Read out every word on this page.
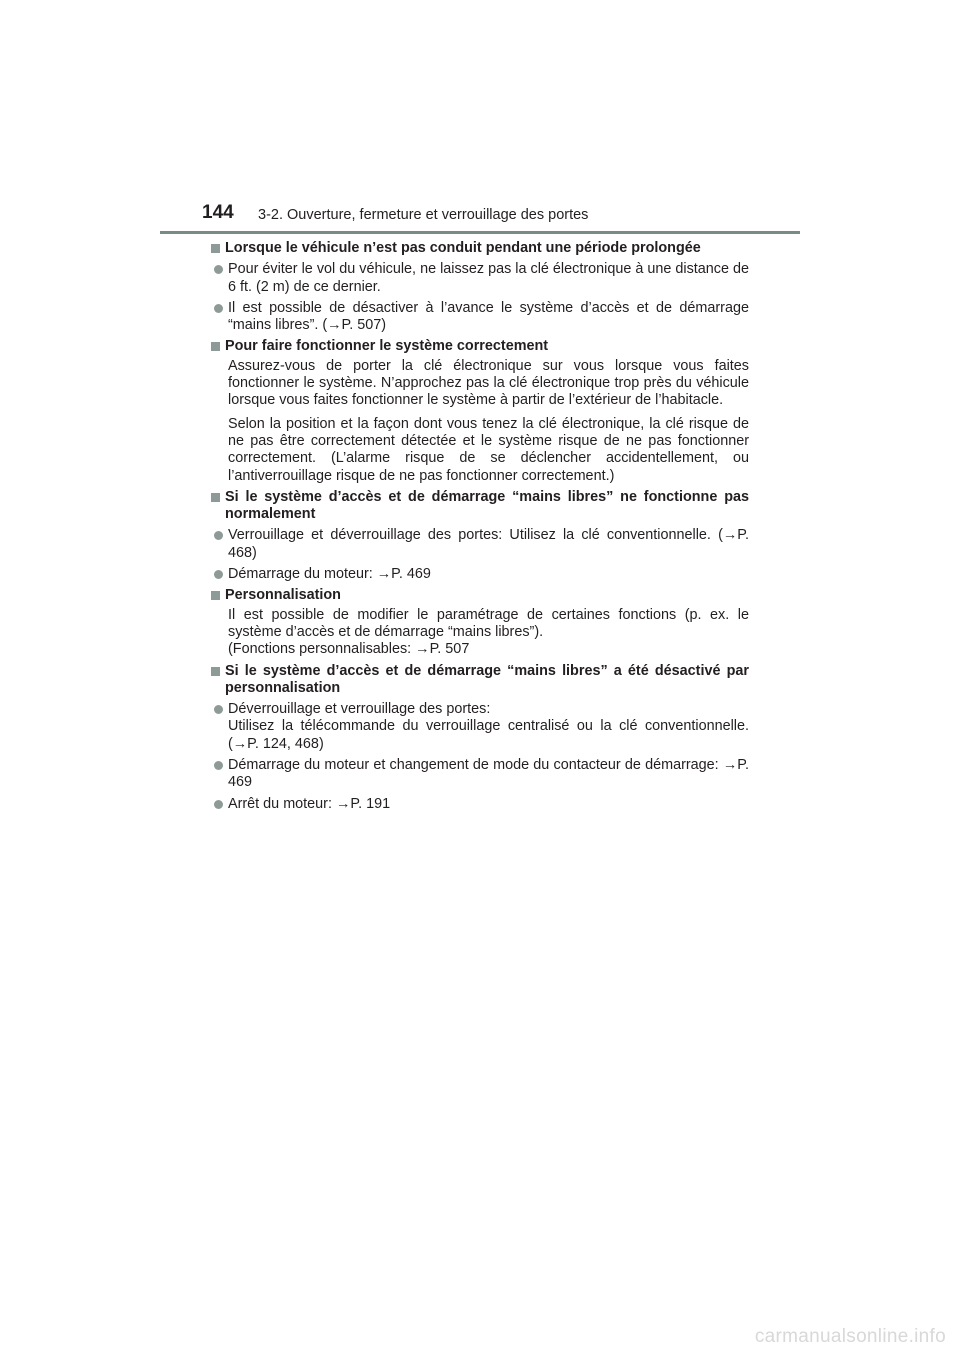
144 3-2. Ouverture, fermeture et verrouillage des portes
Lorsque le véhicule n’est pas conduit pendant une période prolongée
Pour éviter le vol du véhicule, ne laissez pas la clé électronique à une distance de 6 ft. (2 m) de ce dernier.
Il est possible de désactiver à l’avance le système d’accès et de démarrage “mains libres”. (→P. 507)
Pour faire fonctionner le système correctement
Assurez-vous de porter la clé électronique sur vous lorsque vous faites fonctionner le système. N’approchez pas la clé électronique trop près du véhicule lorsque vous faites fonctionner le système à partir de l’extérieur de l’habitacle.
Selon la position et la façon dont vous tenez la clé électronique, la clé risque de ne pas être correctement détectée et le système risque de ne pas fonctionner correctement. (L’alarme risque de se déclencher accidentellement, ou l’antiverrouillage risque de ne pas fonctionner correctement.)
Si le système d’accès et de démarrage “mains libres” ne fonctionne pas normalement
Verrouillage et déverrouillage des portes: Utilisez la clé conventionnelle. (→P. 468)
Démarrage du moteur: →P. 469
Personnalisation
Il est possible de modifier le paramétrage de certaines fonctions (p. ex. le système d’accès et de démarrage “mains libres”).
(Fonctions personnalisables: →P. 507
Si le système d’accès et de démarrage “mains libres” a été désactivé par personnalisation
Déverrouillage et verrouillage des portes:
Utilisez la télécommande du verrouillage centralisé ou la clé conventionnelle. (→P. 124, 468)
Démarrage du moteur et changement de mode du contacteur de démarrage: →P. 469
Arrêt du moteur: →P. 191
carmanualsonline.info
